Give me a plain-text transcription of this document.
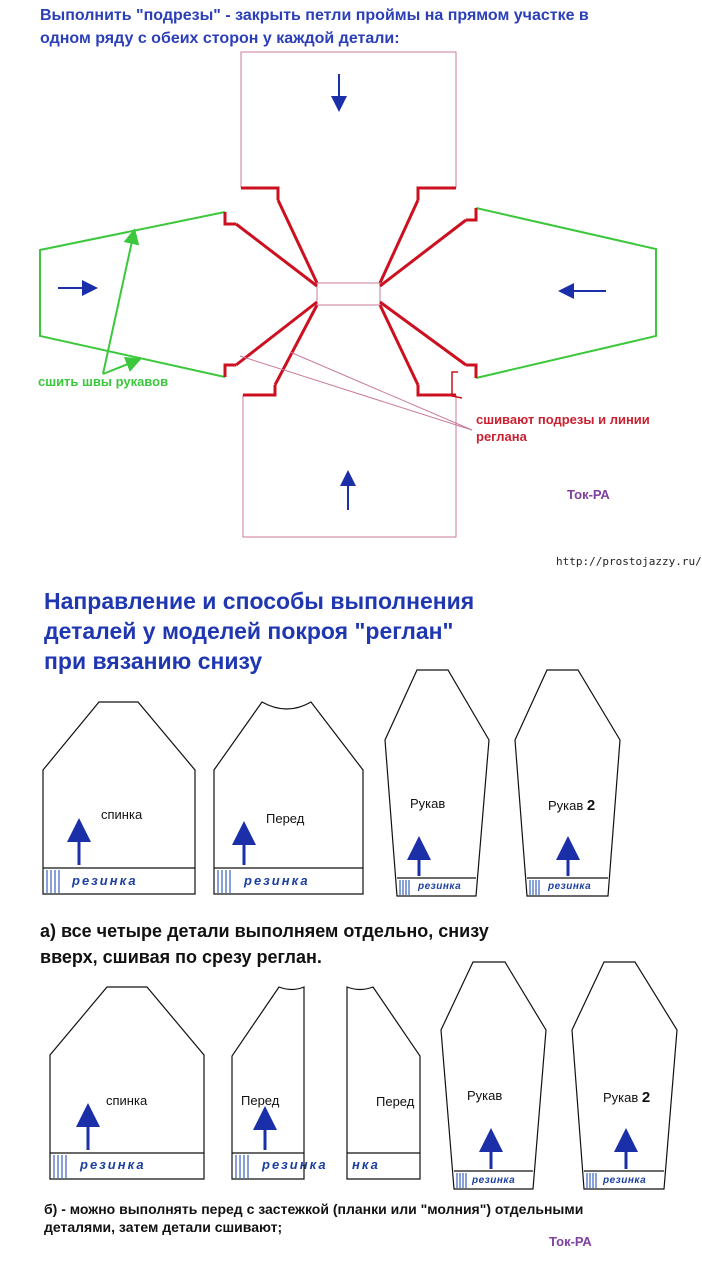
Выполнить "подрезы" - закрыть петли проймы на прямом участке в
одном ряду с обеих сторон у каждой детали:
сшить швы рукавов
сшивают подрезы и линии
реглана
Ток-РА
http://prostojazzy.ru/
Направление и способы выполнения
деталей у моделей покроя "реглан"
при вязанию снизу
спинка	Перед
Рукав	Рукав 2
резинка	резинка	резинка	резинка
а) все четыре детали выполняем отдельно, снизу
вверх, сшивая по срезу реглан.
спинка	Перед	Перед	Рукав	Рукав 2
резинка	резинка нка
резинка	резинка
б) - можно выполнять перед с застежкой (планки или "молния") отдельными
деталями, затем детали сшивают;
Ток-РА
